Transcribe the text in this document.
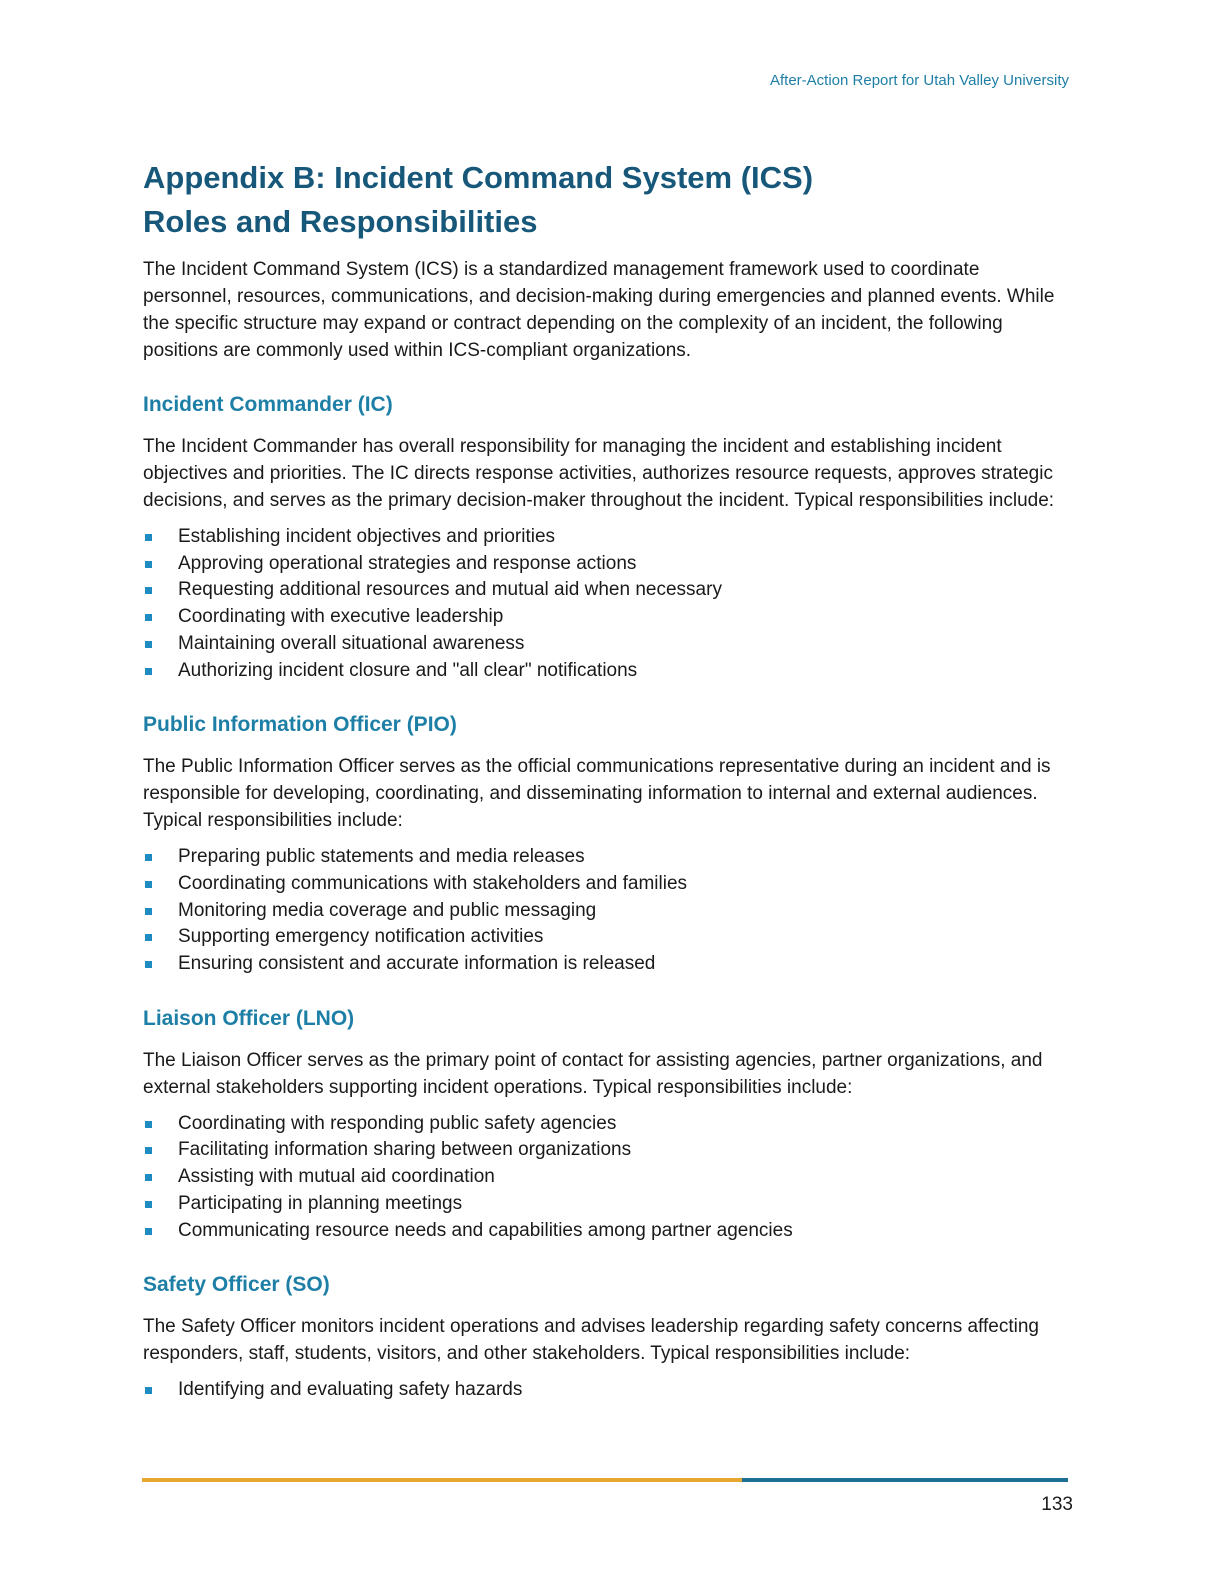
After-Action Report for Utah Valley University
Appendix B: Incident Command System (ICS)
Roles and Responsibilities

The Incident Command System (ICS) is a standardized management framework used to coordinate personnel, resources, communications, and decision-making during emergencies and planned events. While the specific structure may expand or contract depending on the complexity of an incident, the following positions are commonly used within ICS-compliant organizations.

Incident Commander (IC)

The Incident Commander has overall responsibility for managing the incident and establishing incident objectives and priorities. The IC directs response activities, authorizes resource requests, approves strategic decisions, and serves as the primary decision-maker throughout the incident. Typical responsibilities include:

Establishing incident objectives and priorities
Approving operational strategies and response actions
Requesting additional resources and mutual aid when necessary
Coordinating with executive leadership
Maintaining overall situational awareness
Authorizing incident closure and "all clear" notifications
Public Information Officer (PIO)

The Public Information Officer serves as the official communications representative during an incident and is responsible for developing, coordinating, and disseminating information to internal and external audiences. Typical responsibilities include:

Preparing public statements and media releases
Coordinating communications with stakeholders and families
Monitoring media coverage and public messaging
Supporting emergency notification activities
Ensuring consistent and accurate information is released
Liaison Officer (LNO)

The Liaison Officer serves as the primary point of contact for assisting agencies, partner organizations, and external stakeholders supporting incident operations. Typical responsibilities include:

Coordinating with responding public safety agencies
Facilitating information sharing between organizations
Assisting with mutual aid coordination
Participating in planning meetings
Communicating resource needs and capabilities among partner agencies
Safety Officer (SO)

The Safety Officer monitors incident operations and advises leadership regarding safety concerns affecting responders, staff, students, visitors, and other stakeholders. Typical responsibilities include:

Identifying and evaluating safety hazards
133
